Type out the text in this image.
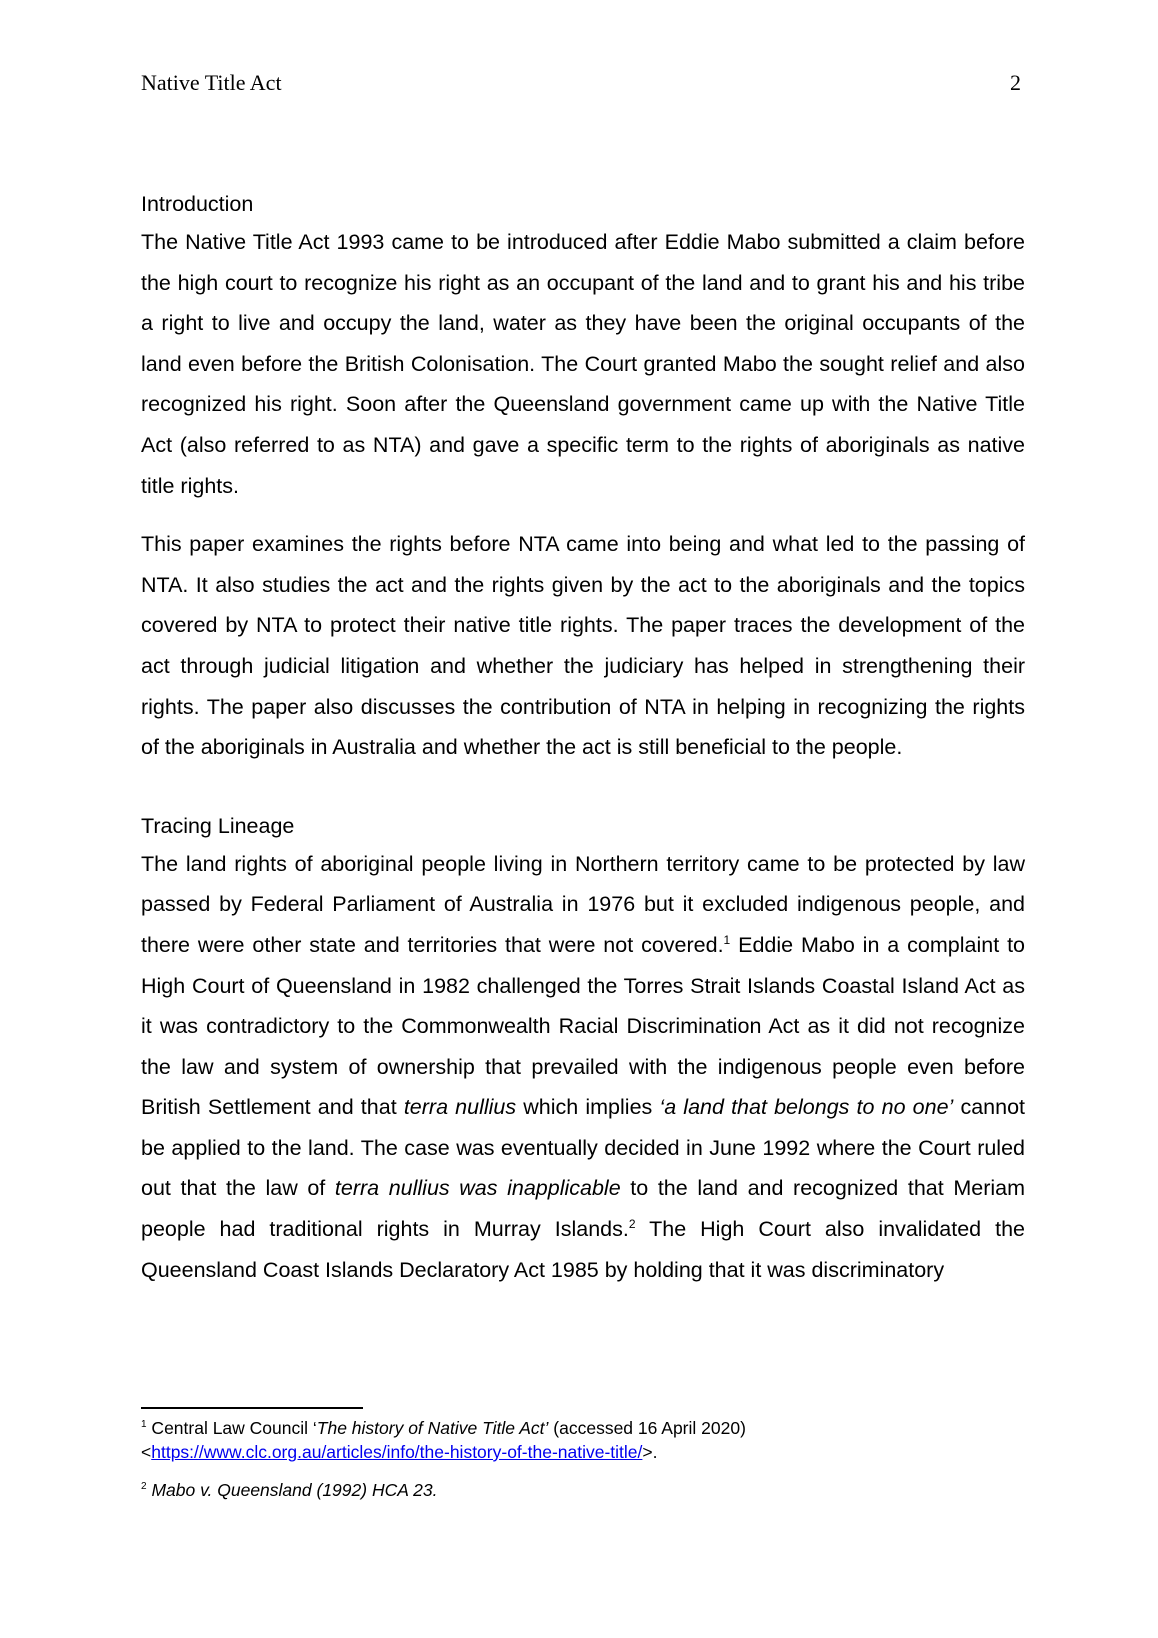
Native Title Act	2

Introduction

The Native Title Act 1993 came to be introduced after Eddie Mabo submitted a claim before the high court to recognize his right as an occupant of the land and to grant his and his tribe a right to live and occupy the land, water as they have been the original occupants of the land even before the British Colonisation. The Court granted Mabo the sought relief and also recognized his right. Soon after the Queensland government came up with the Native Title Act (also referred to as NTA) and gave a specific term to the rights of aboriginals as native title rights.

This paper examines the rights before NTA came into being and what led to the passing of NTA. It also studies the act and the rights given by the act to the aboriginals and the topics covered by NTA to protect their native title rights. The paper traces the development of the act through judicial litigation and whether the judiciary has helped in strengthening their rights. The paper also discusses the contribution of NTA in helping in recognizing the rights of the aboriginals in Australia and whether the act is still beneficial to the people.

Tracing Lineage

The land rights of aboriginal people living in Northern territory came to be protected by law passed by Federal Parliament of Australia in 1976 but it excluded indigenous people, and there were other state and territories that were not covered.$^1$ Eddie Mabo in a complaint to High Court of Queensland in 1982 challenged the Torres Strait Islands Coastal Island Act as it was contradictory to the Commonwealth Racial Discrimination Act as it did not recognize the law and system of ownership that prevailed with the indigenous people even before British Settlement and that terra nullius which implies ‘a land that belongs to no one’ cannot be applied to the land. The case was eventually decided in June 1992 where the Court ruled out that the law of terra nullius was inapplicable to the land and recognized that Meriam people had traditional rights in Murray Islands.$^2$ The High Court also invalidated the Queensland Coast Islands Declaratory Act 1985 by holding that it was discriminatory

$^1$ Central Law Council ‘The history of Native Title Act’ (accessed 16 April 2020)
<https://www.clc.org.au/articles/info/the-history-of-the-native-title/>.

$^2$ Mabo v. Queensland (1992) HCA 23.
